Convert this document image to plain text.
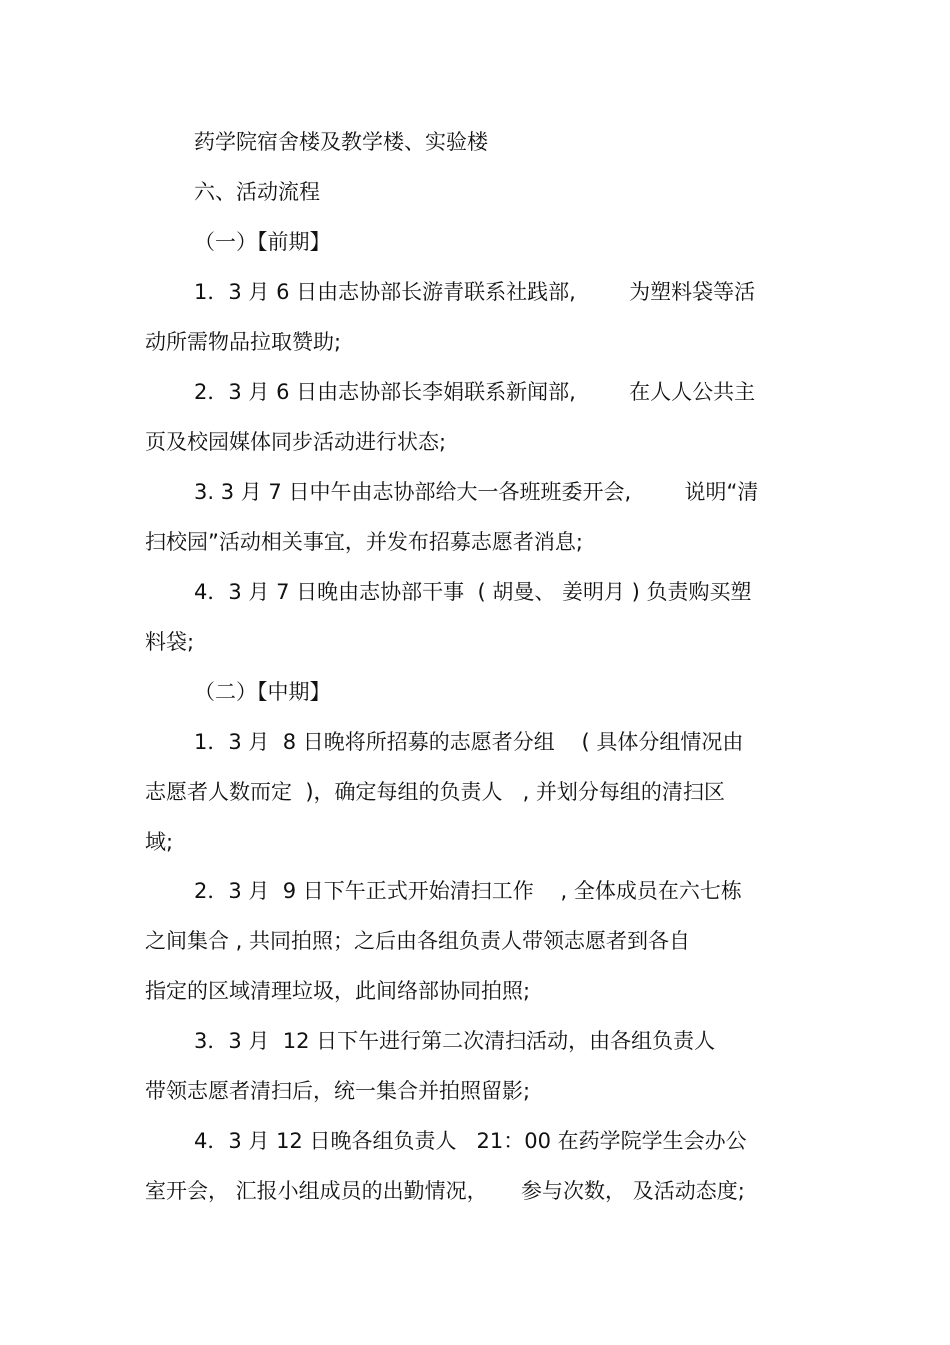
药学院宿舍楼及教学楼、实验楼
六、活动流程
（一）【前期】
1．3 月 6 日由志协部长游青联系社践部,        为塑料袋等活
动所需物品拉取赞助;
2．3 月 6 日由志协部长李娟联系新闻部,        在人人公共主
页及校园媒体同步活动进行状态;
3. 3 月 7 日中午由志协部给大一各班班委开会,        说明“清
扫校园”活动相关事宜，并发布招募志愿者消息;
4．3 月 7 日晚由志协部干事  ( 胡曼、 姜明月 ) 负责购买塑
料袋;
（二）【中期】
1．3 月  8 日晚将所招募的志愿者分组    ( 具体分组情况由
志愿者人数而定  )，确定每组的负责人   , 并划分每组的清扫区
域;
2．3 月  9 日下午正式开始清扫工作    , 全体成员在六七栋
之间集合 , 共同拍照；之后由各组负责人带领志愿者到各自
指定的区域清理垃圾，此间络部协同拍照;
3．3 月  12 日下午进行第二次清扫活动，由各组负责人
带领志愿者清扫后，统一集合并拍照留影;
4．3 月 12 日晚各组负责人   21：00 在药学院学生会办公
室开会， 汇报小组成员的出勤情况，     参与次数， 及活动态度;
